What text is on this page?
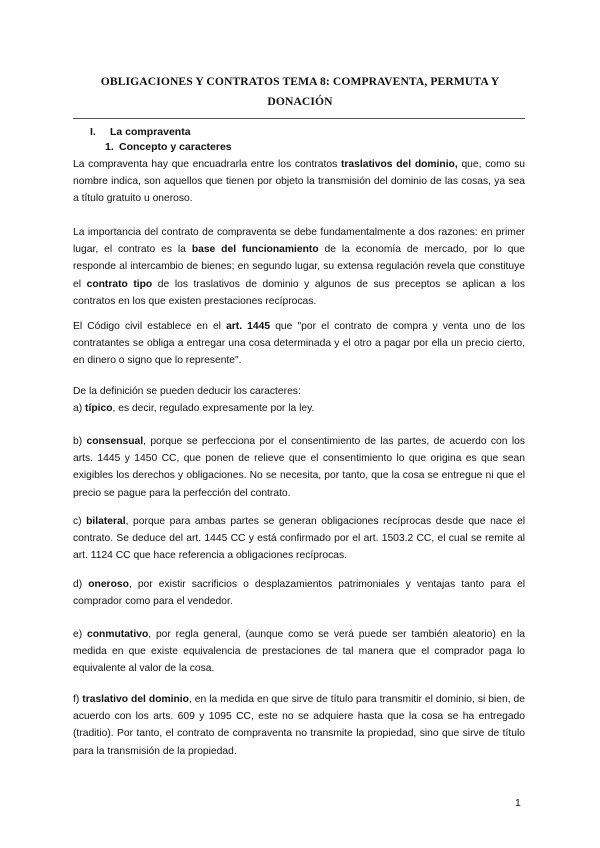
OBLIGACIONES Y CONTRATOS TEMA 8: COMPRAVENTA, PERMUTA Y DONACIÓN
I. La compraventa
1. Concepto y caracteres

La compraventa hay que encuadrarla entre los contratos traslativos del dominio, que, como su nombre indica, son aquellos que tienen por objeto la transmisión del dominio de las cosas, ya sea a título gratuito u oneroso.

La importancia del contrato de compraventa se debe fundamentalmente a dos razones: en primer lugar, el contrato es la base del funcionamiento de la economía de mercado, por lo que responde al intercambio de bienes; en segundo lugar, su extensa regulación revela que constituye el contrato tipo de los traslativos de dominio y algunos de sus preceptos se aplican a los contratos en los que existen prestaciones recíprocas.

El Código civil establece en el art. 1445 que "por el contrato de compra y venta uno de los contratantes se obliga a entregar una cosa determinada y el otro a pagar por ella un precio cierto, en dinero o signo que lo represente".

De la definición se pueden deducir los caracteres:

a) típico, es decir, regulado expresamente por la ley.

b) consensual, porque se perfecciona por el consentimiento de las partes, de acuerdo con los arts. 1445 y 1450 CC, que ponen de relieve que el consentimiento lo que origina es que sean exigibles los derechos y obligaciones. No se necesita, por tanto, que la cosa se entregue ni que el precio se pague para la perfección del contrato.

c) bilateral, porque para ambas partes se generan obligaciones recíprocas desde que nace el contrato. Se deduce del art. 1445 CC y está confirmado por el art. 1503.2 CC, el cual se remite al art. 1124 CC que hace referencia a obligaciones recíprocas.

d) oneroso, por existir sacrificios o desplazamientos patrimoniales y ventajas tanto para el comprador como para el vendedor.

e) conmutativo, por regla general, (aunque como se verá puede ser también aleatorio) en la medida en que existe equivalencia de prestaciones de tal manera que el comprador paga lo equivalente al valor de la cosa.

f) traslativo del dominio, en la medida en que sirve de título para transmitir el dominio, si bien, de acuerdo con los arts. 609 y 1095 CC, este no se adquiere hasta que la cosa se ha entregado (traditio). Por tanto, el contrato de compraventa no transmite la propiedad, sino que sirve de título para la transmisión de la propiedad.

1
